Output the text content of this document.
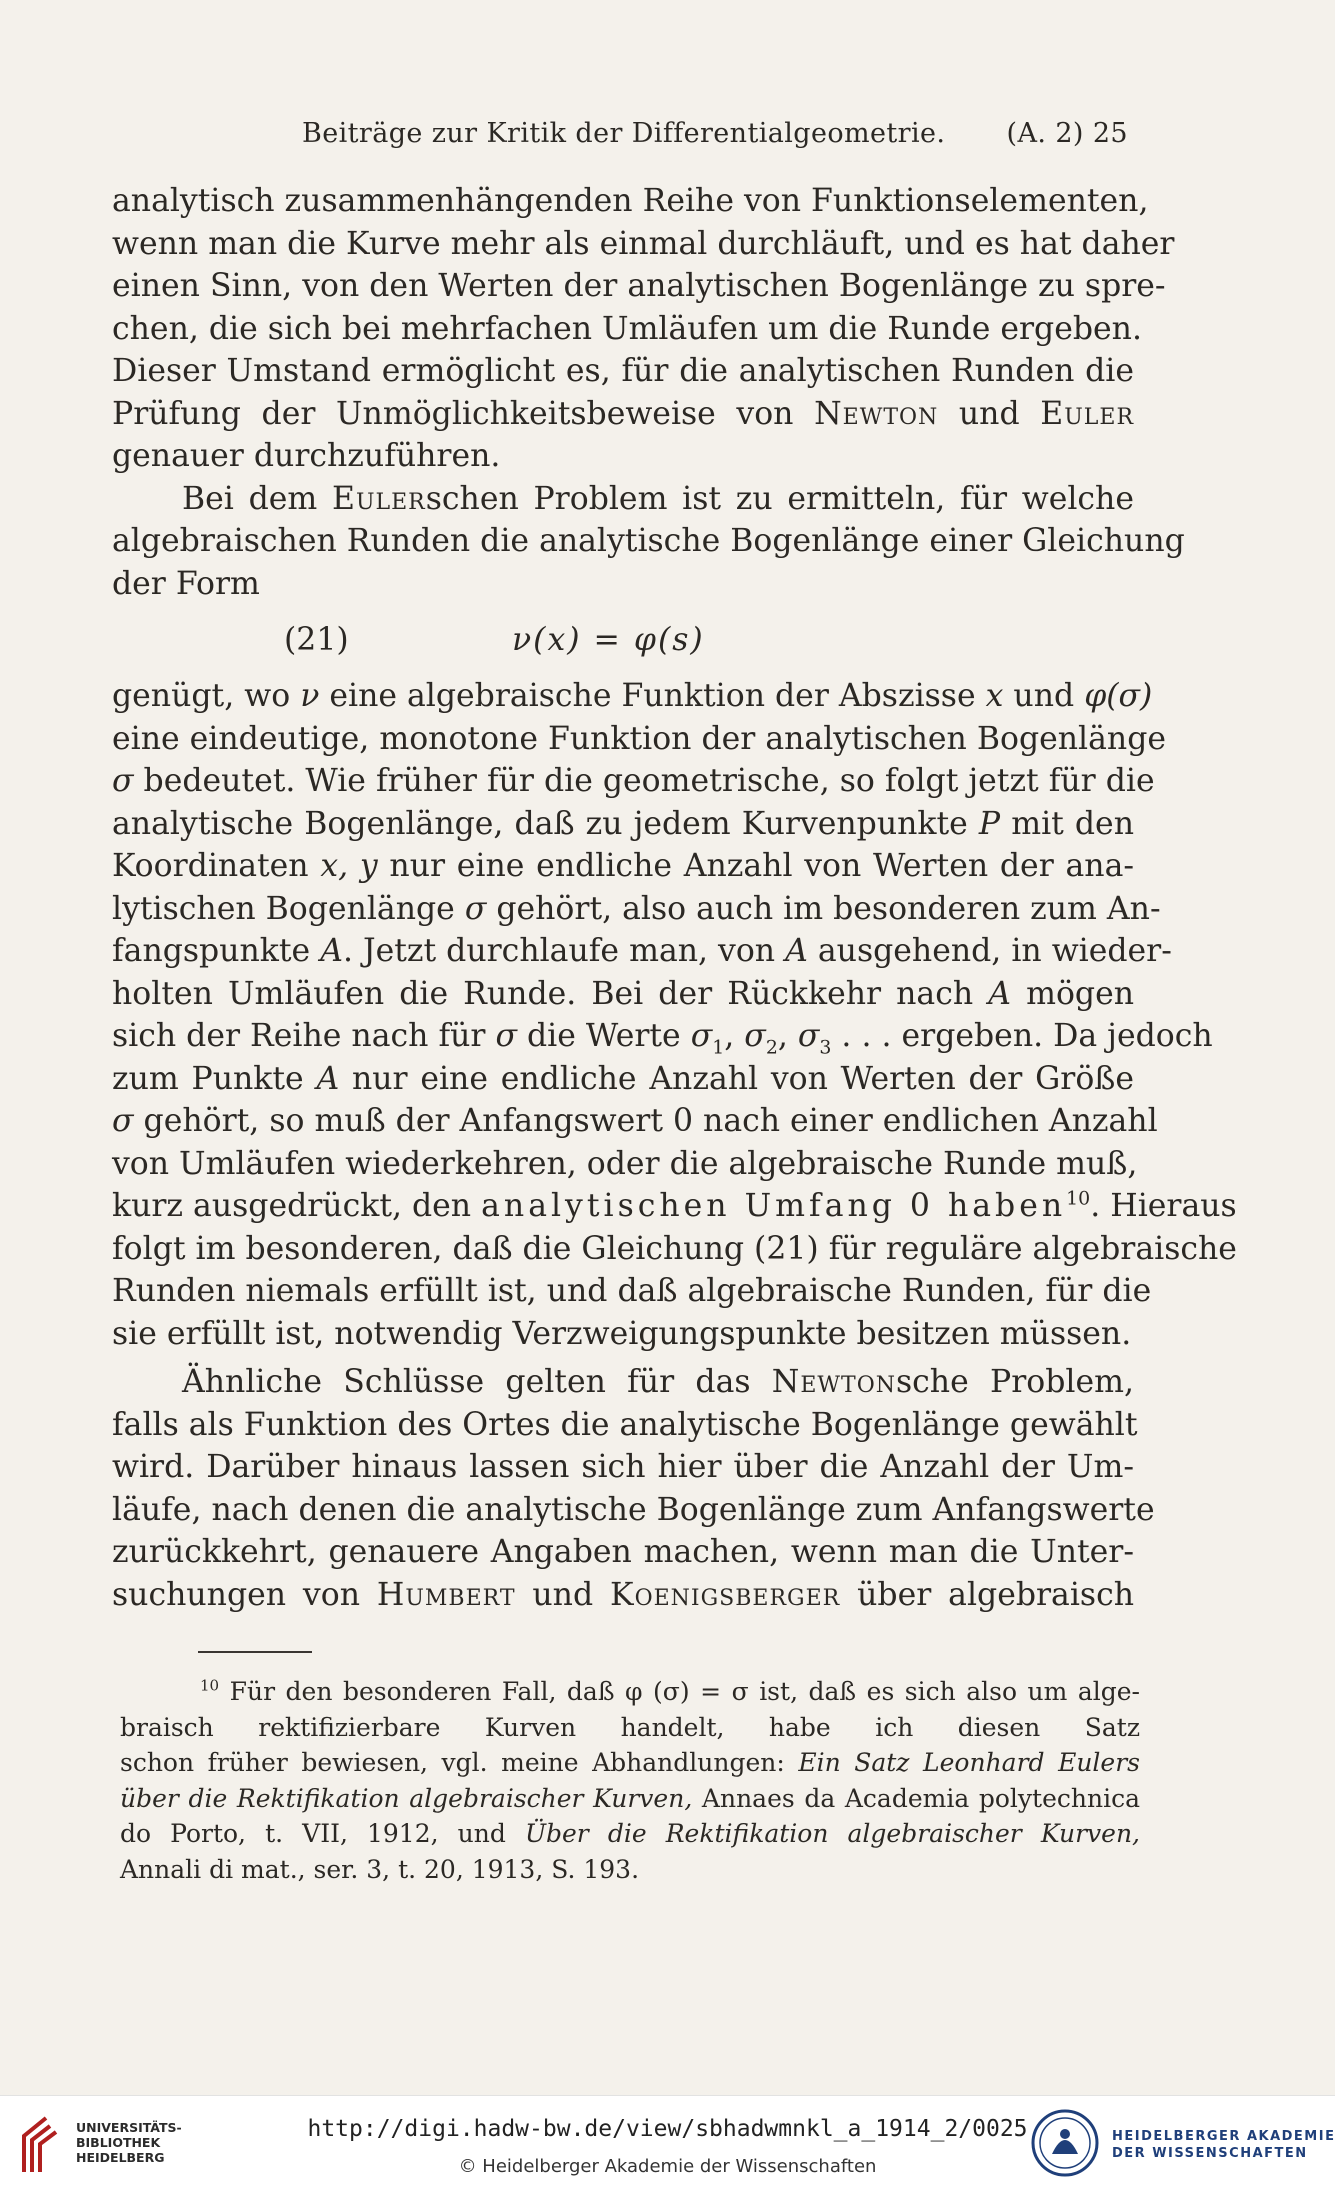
Beiträge zur Kritik der Differentialgeometrie. (A. 2) 25
analytisch zusammenhängenden Reihe von Funktionselementen,
wenn man die Kurve mehr als einmal durchläuft, und es hat daher
einen Sinn, von den Werten der analytischen Bogenlänge zu spre-
chen, die sich bei mehrfachen Umläufen um die Runde ergeben.
Dieser Umstand ermöglicht es, für die analytischen Runden die
Prüfung der Unmöglichkeitsbeweise von Newton und Euler
genauer durchzuführen.
Bei dem Eulerschen Problem ist zu ermitteln, für welche
algebraischen Runden die analytische Bogenlänge einer Gleichung
der Form
(21)	ν(x) = φ(s)
genügt, wo ν eine algebraische Funktion der Abszisse x und φ(σ)
eine eindeutige, monotone Funktion der analytischen Bogenlänge
σ bedeutet. Wie früher für die geometrische, so folgt jetzt für die
analytische Bogenlänge, daß zu jedem Kurvenpunkte P mit den
Koordinaten x, y nur eine endliche Anzahl von Werten der ana-
lytischen Bogenlänge σ gehört, also auch im besonderen zum An-
fangspunkte A. Jetzt durchlaufe man, von A ausgehend, in wieder-
holten Umläufen die Runde. Bei der Rückkehr nach A mögen
sich der Reihe nach für σ die Werte $\sigma_1$, $\sigma_2$, $\sigma_3$ . . . ergeben. Da jedoch
zum Punkte A nur eine endliche Anzahl von Werten der Größe
σ gehört, so muß der Anfangswert 0 nach einer endlichen Anzahl
von Umläufen wiederkehren, oder die algebraische Runde muß,
kurz ausgedrückt, den analytischen Umfang 0 haben$^{10}$. Hieraus
folgt im besonderen, daß die Gleichung (21) für reguläre algebraische
Runden niemals erfüllt ist, und daß algebraische Runden, für die
sie erfüllt ist, notwendig Verzweigungspunkte besitzen müssen.
Ähnliche Schlüsse gelten für das Newtonsche Problem,
falls als Funktion des Ortes die analytische Bogenlänge gewählt
wird. Darüber hinaus lassen sich hier über die Anzahl der Um-
läufe, nach denen die analytische Bogenlänge zum Anfangswerte
zurückkehrt, genauere Angaben machen, wenn man die Unter-
suchungen von Humbert und Koenigsberger über algebraisch
$^{10}$ Für den besonderen Fall, daß φ (σ) = σ ist, daß es sich also um alge-
braisch rektifizierbare Kurven handelt, habe ich diesen Satz
schon früher bewiesen, vgl. meine Abhandlungen: Ein Satz Leonhard Eulers
über die Rektifikation algebraischer Kurven, Annaes da Academia polytechnica
do Porto, t. VII, 1912, und Über die Rektifikation algebraischer Kurven,
Annali di mat., ser. 3, t. 20, 1913, S. 193.
UNIVERSITÄTS-
BIBLIOTHEK
HEIDELBERG
http://digi.hadw-bw.de/view/sbhadwmnkl_a_1914_2/0025
© Heidelberger Akademie der Wissenschaften
HEIDELBERGER AKADEMIE
DER WISSENSCHAFTEN
